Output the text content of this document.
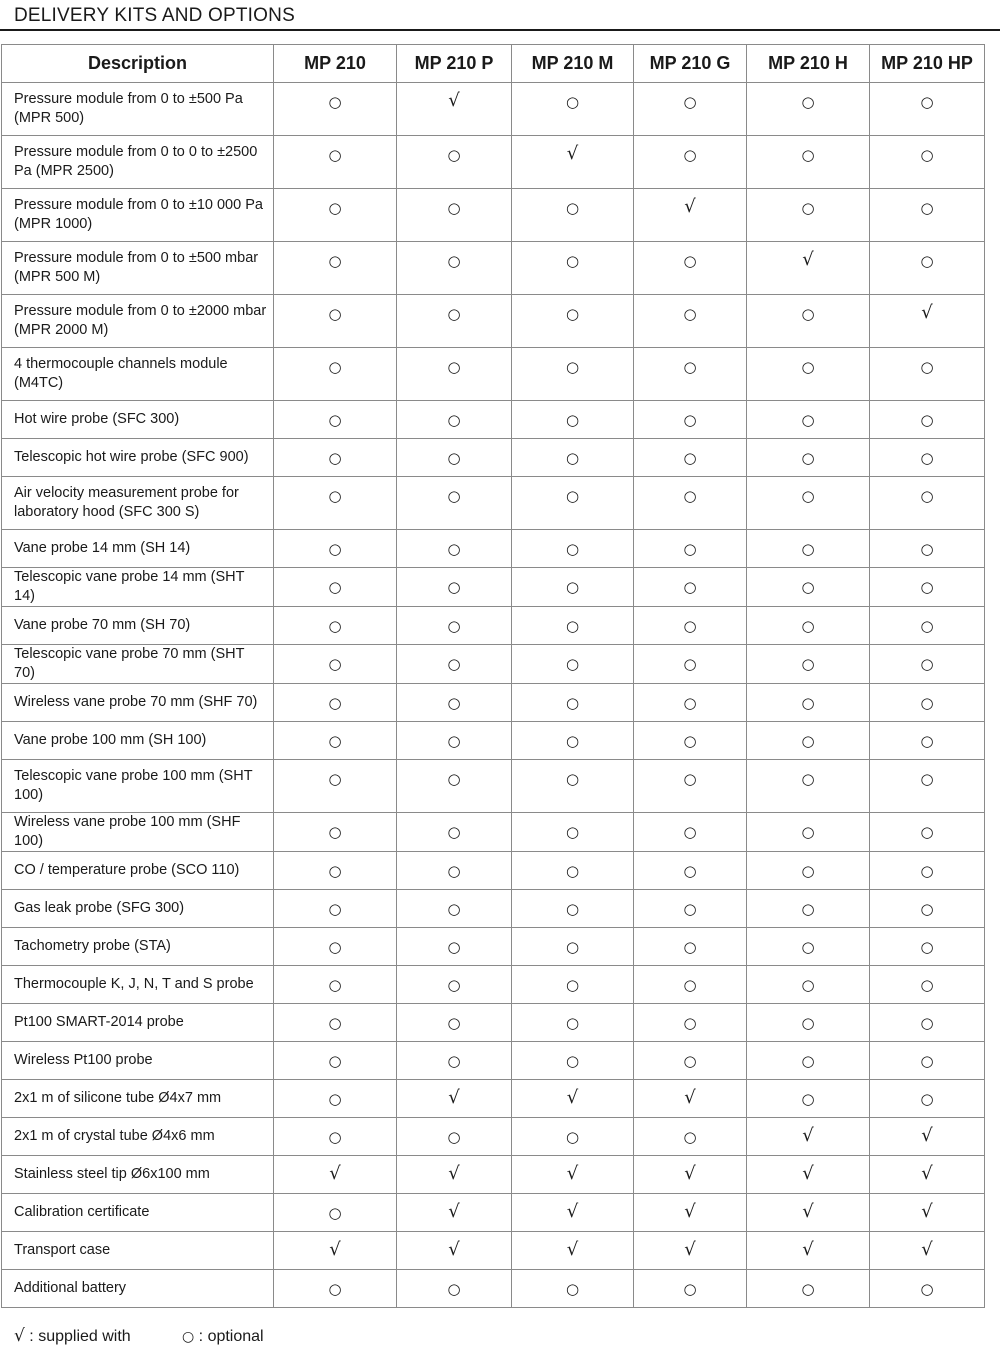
DELIVERY KITS AND OPTIONS
Description	MP 210	MP 210 P	MP 210 M	MP 210 G	MP 210 H	MP 210 HP
Pressure module from 0 to ±500 Pa (MPR 500)	○	√	○	○	○	○
Pressure module from 0 to 0 to ±2500 Pa (MPR 2500)	○	○	√	○	○	○
Pressure module from 0 to ±10 000 Pa (MPR 1000)	○	○	○	√	○	○
Pressure module from 0 to ±500 mbar (MPR 500 M)	○	○	○	○	√	○
Pressure module from 0 to ±2000 mbar (MPR 2000 M)	○	○	○	○	○	√
4 thermocouple channels module (M4TC)	○	○	○	○	○	○
Hot wire probe (SFC 300)	○	○	○	○	○	○
Telescopic hot wire probe (SFC 900)	○	○	○	○	○	○
Air velocity measurement probe for laboratory hood (SFC 300 S)	○	○	○	○	○	○
Vane probe 14 mm (SH 14)	○	○	○	○	○	○
Telescopic vane probe 14 mm (SHT 14)	○	○	○	○	○	○
Vane probe 70 mm (SH 70)	○	○	○	○	○	○
Telescopic vane probe 70 mm (SHT 70)	○	○	○	○	○	○
Wireless vane probe 70 mm (SHF 70)	○	○	○	○	○	○
Vane probe 100 mm (SH 100)	○	○	○	○	○	○
Telescopic vane probe 100 mm (SHT 100)	○	○	○	○	○	○
Wireless vane probe 100 mm (SHF 100)	○	○	○	○	○	○
CO / temperature probe (SCO 110)	○	○	○	○	○	○
Gas leak probe (SFG 300)	○	○	○	○	○	○
Tachometry probe (STA)	○	○	○	○	○	○
Thermocouple K, J, N, T and S probe	○	○	○	○	○	○
Pt100 SMART-2014 probe	○	○	○	○	○	○
Wireless Pt100 probe	○	○	○	○	○	○
2x1 m of silicone tube Ø4x7 mm	○	√	√	√	○	○
2x1 m of crystal tube Ø4x6 mm	○	○	○	○	√	√
Stainless steel tip Ø6x100 mm	√	√	√	√	√	√
Calibration certificate	○	√	√	√	√	√
Transport case	√	√	√	√	√	√
Additional battery	○	○	○	○	○	○
√ : supplied with	○ : optional
